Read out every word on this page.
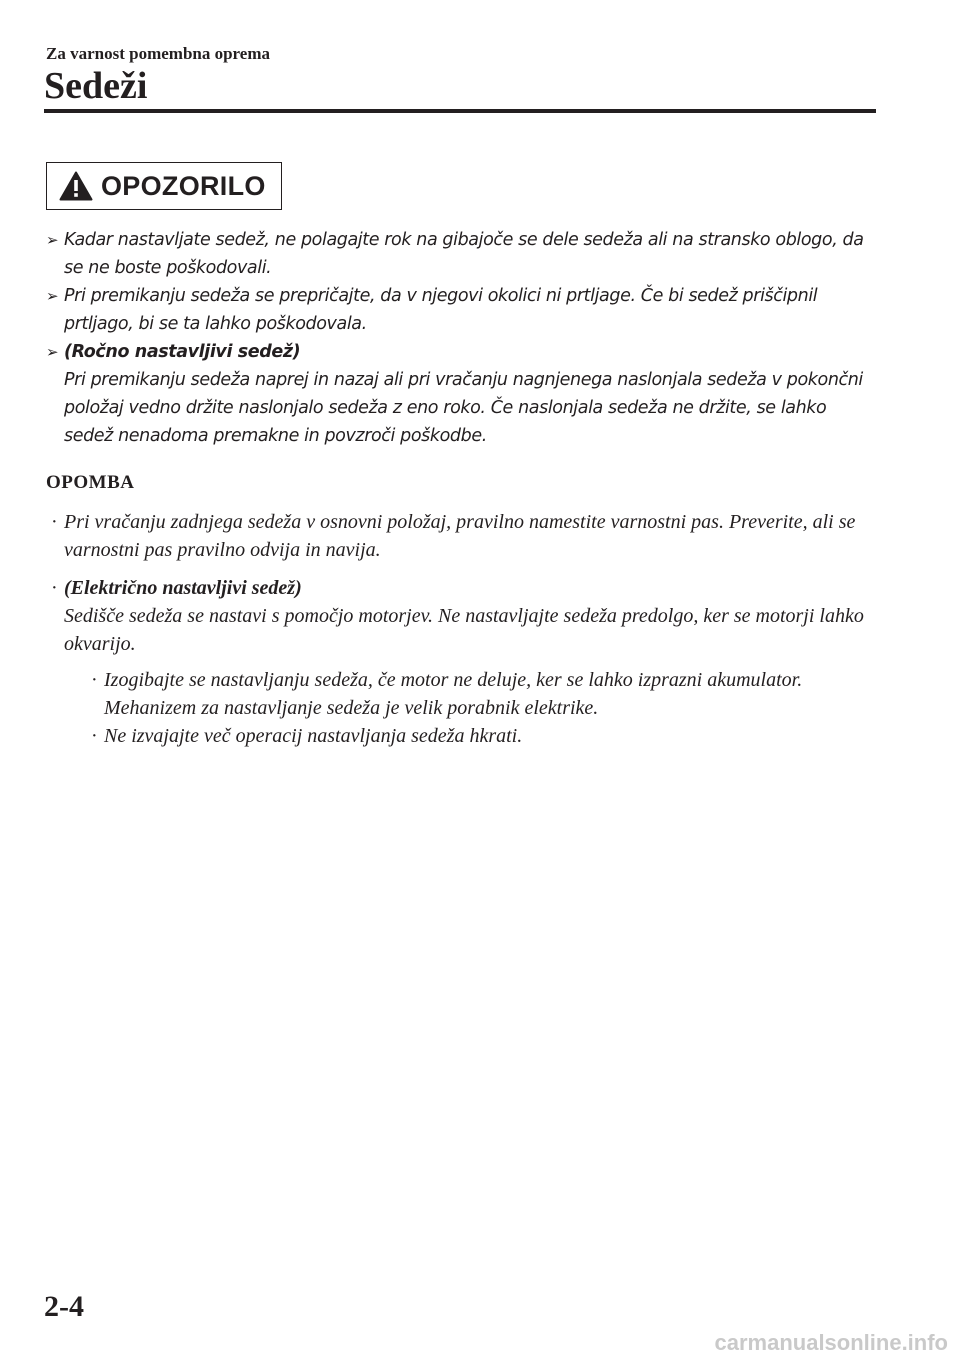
Za varnost pomembna oprema
Sedeži
OPOZORILO
➢ Kadar nastavljate sedež, ne polagajte rok na gibajoče se dele sedeža ali na stransko oblogo, da se ne boste poškodovali.
➢ Pri premikanju sedeža se prepričajte, da v njegovi okolici ni prtljage. Če bi sedež priščipnil prtljago, bi se ta lahko poškodovala.
➢ (Ročno nastavljivi sedež)
Pri premikanju sedeža naprej in nazaj ali pri vračanju nagnjenega naslonjala sedeža v pokončni položaj vedno držite naslonjalo sedeža z eno roko. Če naslonjala sedeža ne držite, se lahko sedež nenadoma premakne in povzroči poškodbe.
OPOMBA
· Pri vračanju zadnjega sedeža v osnovni položaj, pravilno namestite varnostni pas. Preverite, ali se varnostni pas pravilno odvija in navija.
· (Električno nastavljivi sedež)
Sedišče sedeža se nastavi s pomočjo motorjev. Ne nastavljajte sedeža predolgo, ker se motorji lahko okvarijo.
· Izogibajte se nastavljanju sedeža, če motor ne deluje, ker se lahko izprazni akumulator. Mehanizem za nastavljanje sedeža je velik porabnik elektrike.
· Ne izvajajte več operacij nastavljanja sedeža hkrati.
2-4
carmanualsonline.info
